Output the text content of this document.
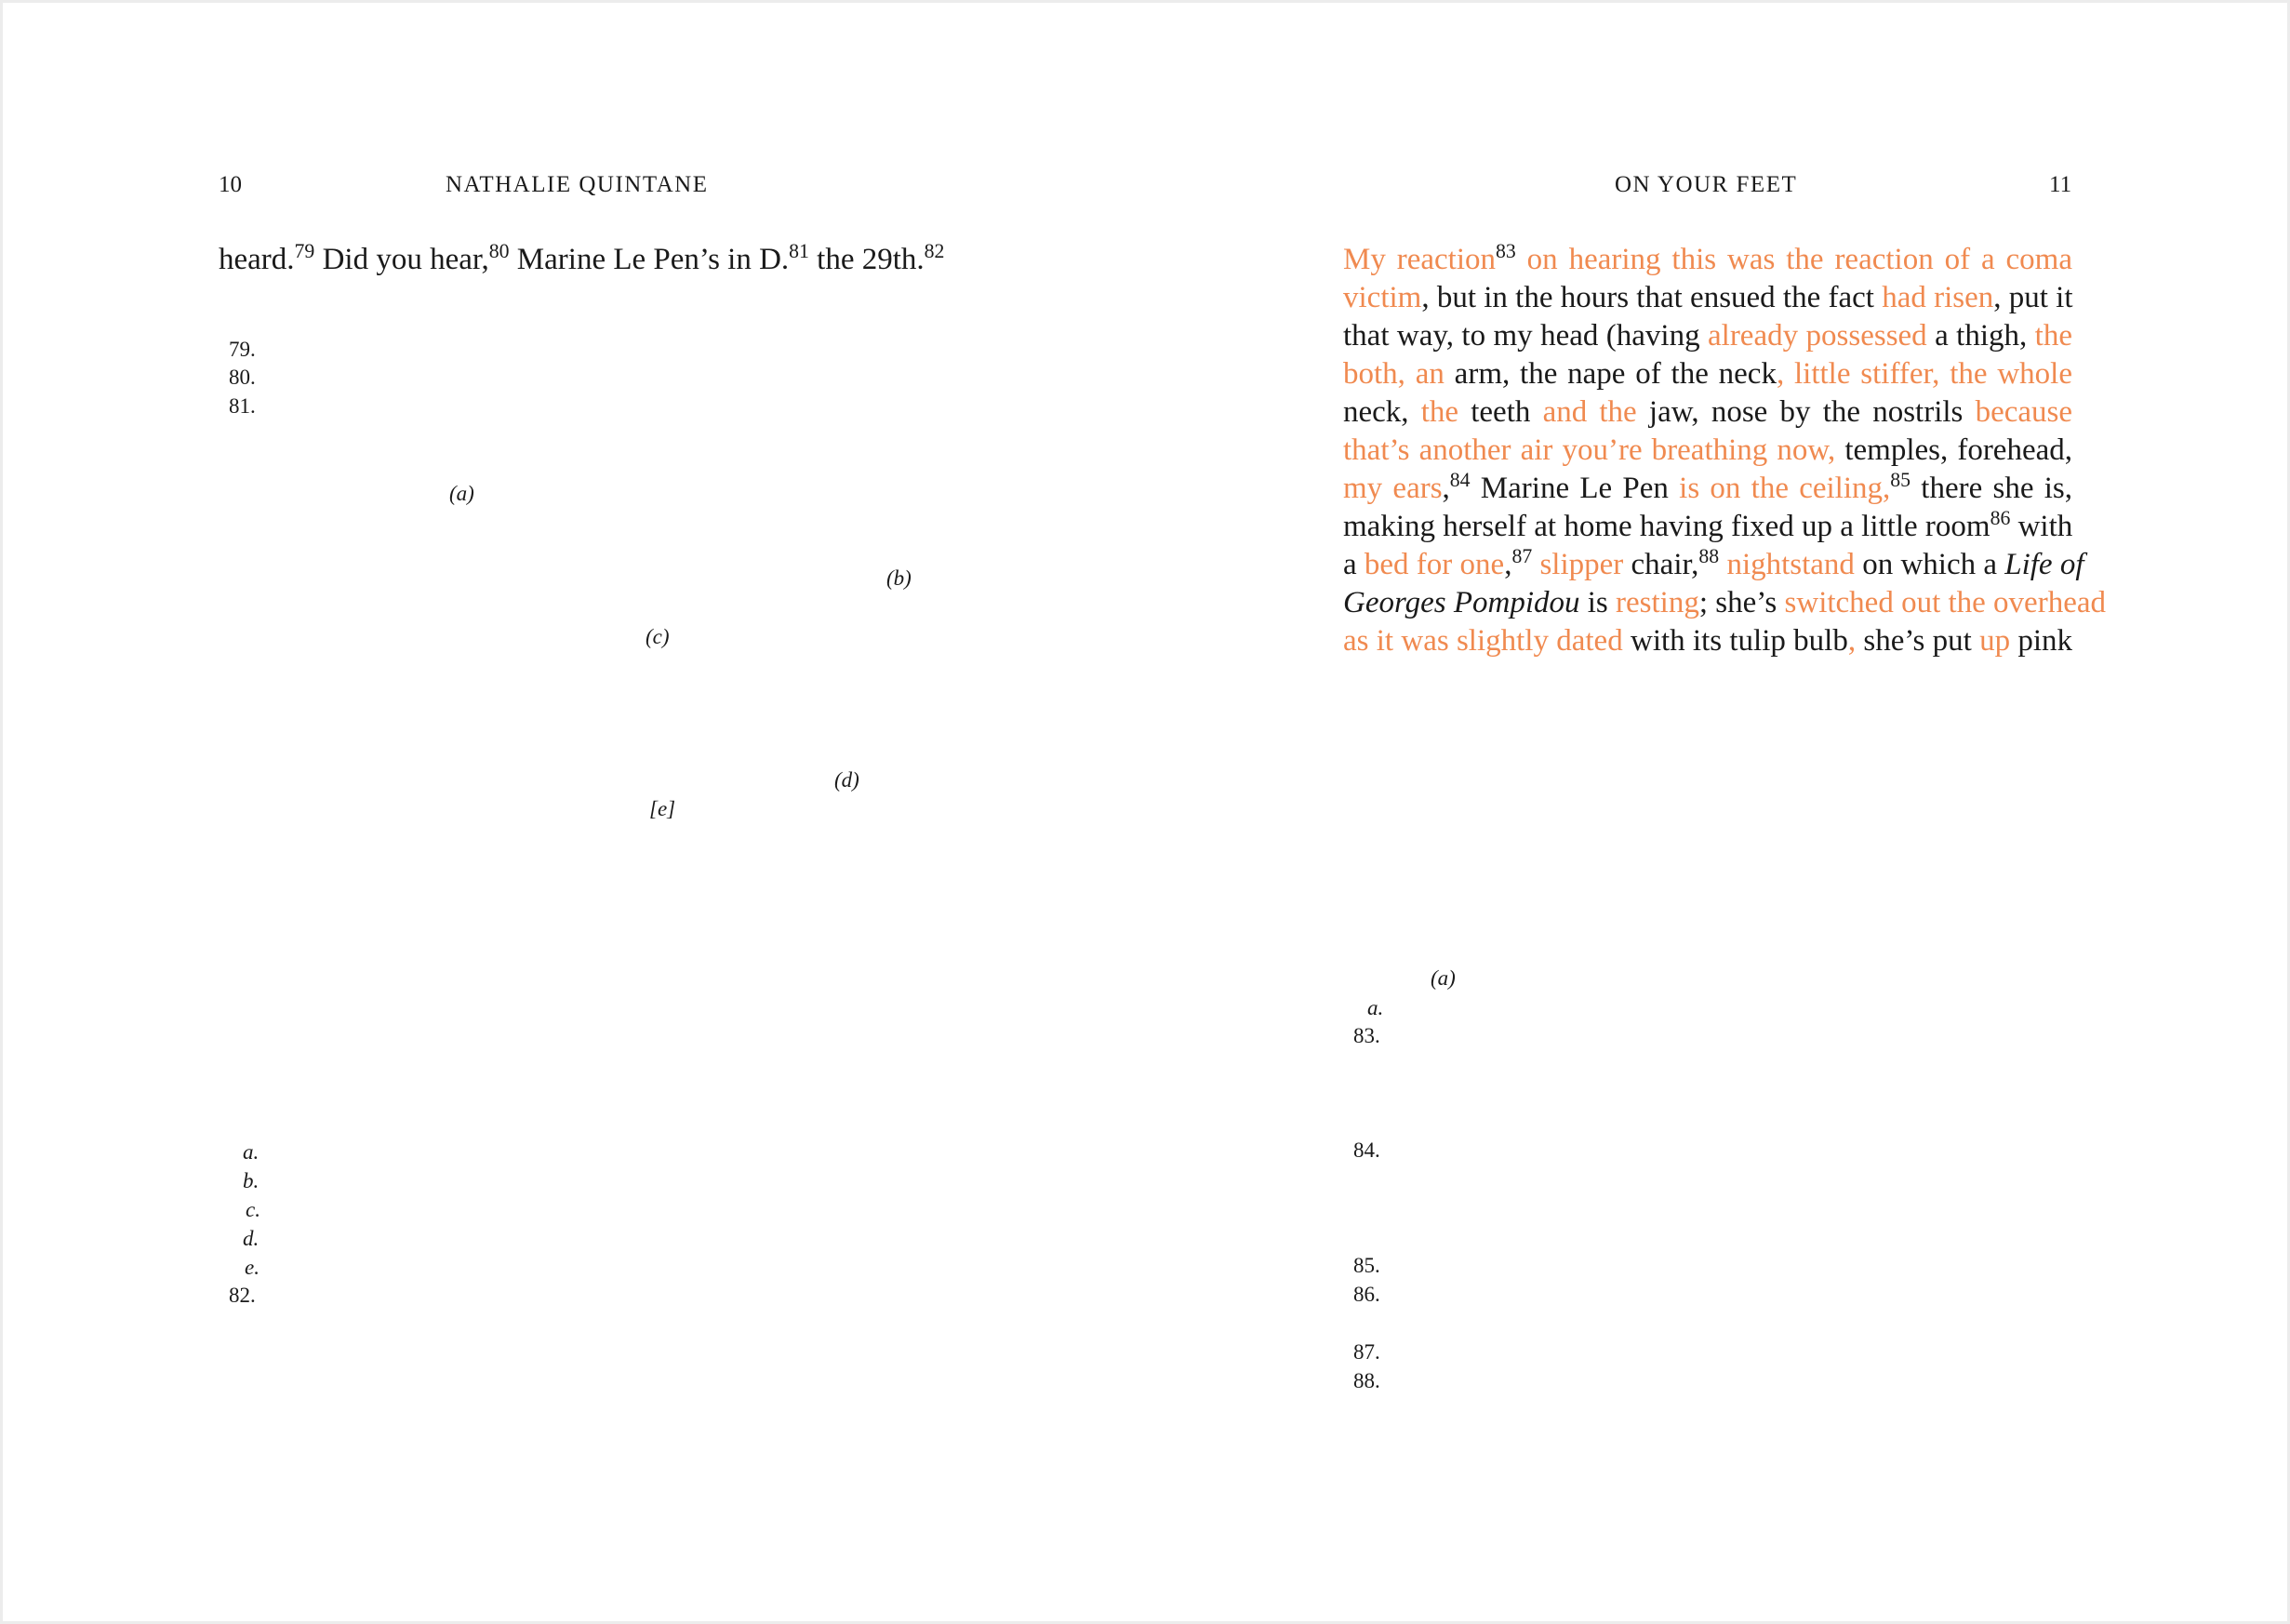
10	NATHALIE QUINTANE
heard.$^{79}$ Did you hear,$^{80}$ Marine Le Pen’s in D.$^{81}$ the 29th.$^{82}$
79.
80.
81.
(a)
(b)
(c)
(d)
[e]
a.
b.
c.
d.
e.
82.
ON YOUR FEET	11
My reaction$^{83}$ on hearing this was the reaction of a coma
victim, but in the hours that ensued the fact had risen, put it
that way, to my head (having already possessed a thigh, the
both, an arm, the nape of the neck, little stiffer, the whole
neck, the teeth and the jaw, nose by the nostrils because
that’s another air you’re breathing now, temples, forehead,
my ears,$^{84}$ Marine Le Pen is on the ceiling,$^{85}$ there she is,
making herself at home having fixed up a little room$^{86}$ with
a bed for one,$^{87}$ slipper chair,$^{88}$ nightstand on which a Life of
Georges Pompidou is resting; she’s switched out the overhead
as it was slightly dated with its tulip bulb, she’s put up pink
(a)
a.
83.
84.
85.
86.
87.
88.
